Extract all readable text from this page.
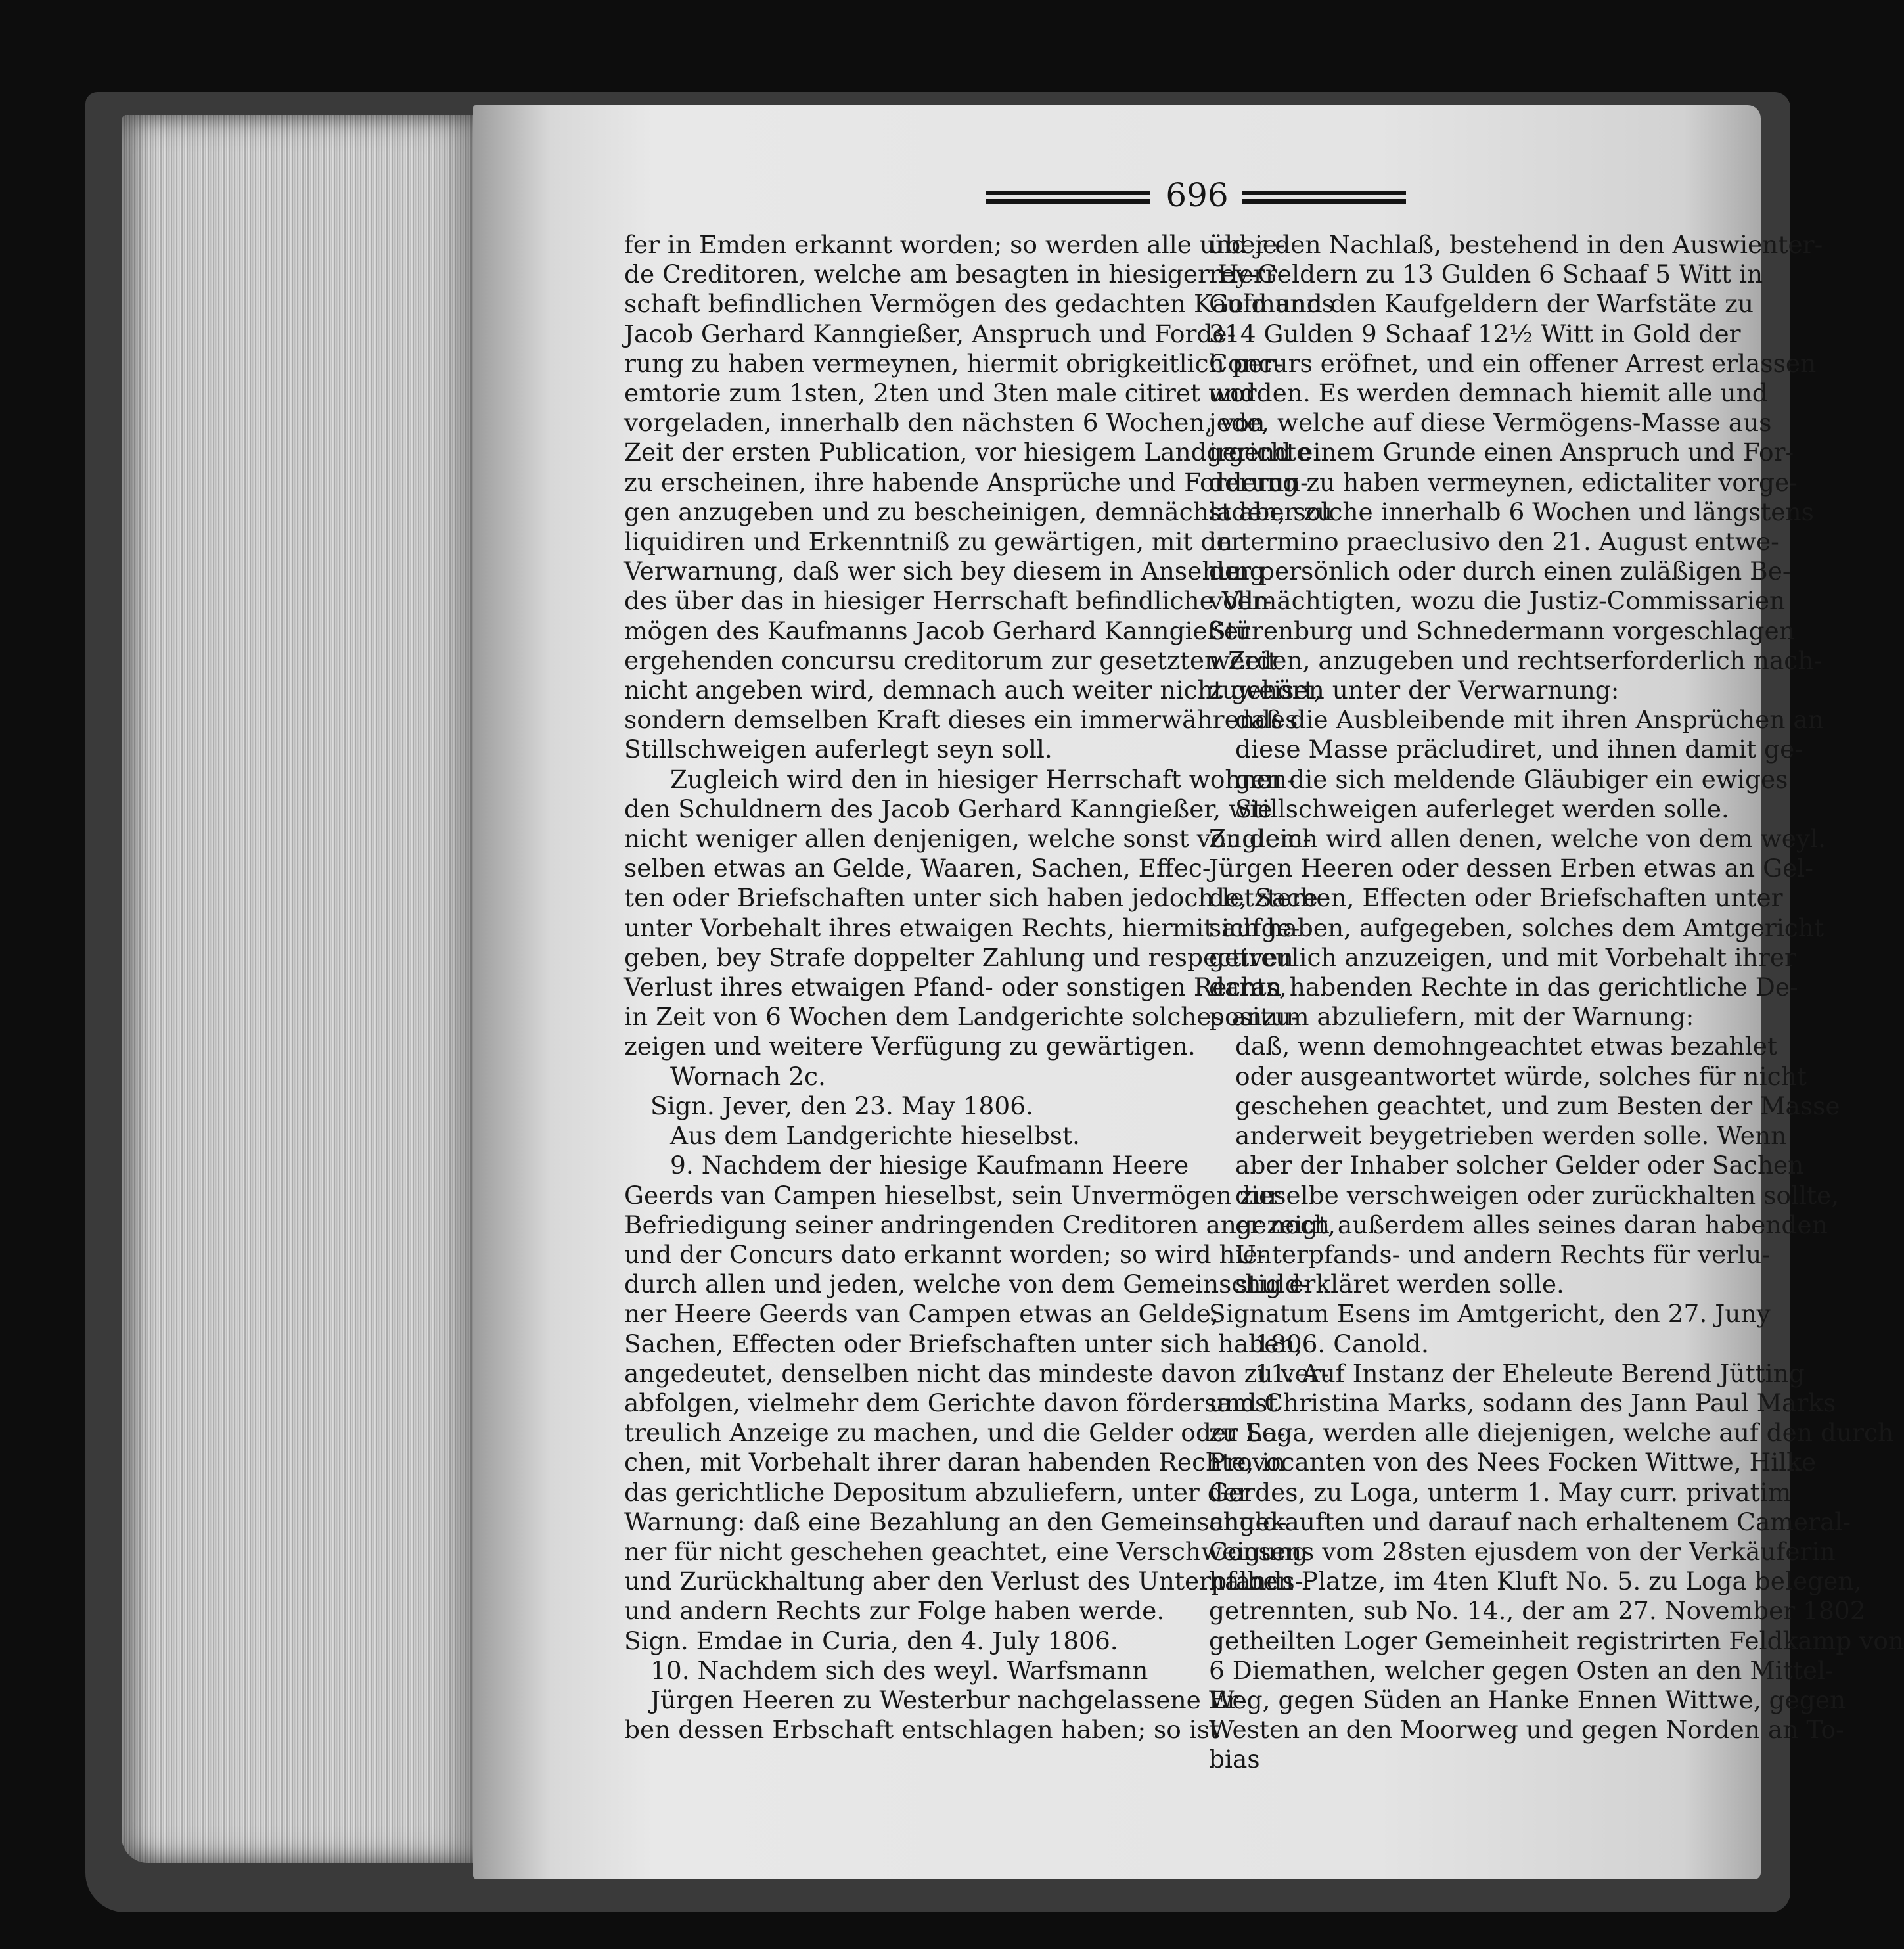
696
fer in Emden erkannt worden; so werden alle und je-
de Creditoren, welche am besagten in hiesiger Herr-
schaft befindlichen Vermögen des gedachten Kaufmanns
Jacob Gerhard Kanngießer, Anspruch und Forde-
rung zu haben vermeynen, hiermit obrigkeitlich per-
emtorie zum 1sten, 2ten und 3ten male citiret und
vorgeladen, innerhalb den nächsten 6 Wochen, von
Zeit der ersten Publication, vor hiesigem Landgerichte
zu erscheinen, ihre habende Ansprüche und Forderun-
gen anzugeben und zu bescheinigen, demnächst aber zu
liquidiren und Erkenntniß zu gewärtigen, mit der
Verwarnung, daß wer sich bey diesem in Ansehung
des über das in hiesiger Herrschaft befindliche Ver-
mögen des Kaufmanns Jacob Gerhard Kanngießer
ergehenden concursu creditorum zur gesetzten Zeit
nicht angeben wird, demnach auch weiter nicht gehört,
sondern demselben Kraft dieses ein immerwährendes
Stillschweigen auferlegt seyn soll.
Zugleich wird den in hiesiger Herrschaft wohnen-
den Schuldnern des Jacob Gerhard Kanngießer, wie
nicht weniger allen denjenigen, welche sonst von dem-
selben etwas an Gelde, Waaren, Sachen, Effec-
ten oder Briefschaften unter sich haben jedoch letztere
unter Vorbehalt ihres etwaigen Rechts, hiermit aufge-
geben, bey Strafe doppelter Zahlung und respectiven
Verlust ihres etwaigen Pfand- oder sonstigen Rechts,
in Zeit von 6 Wochen dem Landgerichte solches anzu-
zeigen und weitere Verfügung zu gewärtigen.
Wornach 2c.
Sign. Jever, den 23. May 1806.
Aus dem Landgerichte hieselbst.
9. Nachdem der hiesige Kaufmann Heere
Geerds van Campen hieselbst, sein Unvermögen zur
Befriedigung seiner andringenden Creditoren angezeigt,
und der Concurs dato erkannt worden; so wird hie-
durch allen und jeden, welche von dem Gemeinschuld-
ner Heere Geerds van Campen etwas an Gelde,
Sachen, Effecten oder Briefschaften unter sich haben,
angedeutet, denselben nicht das mindeste davon zu ver-
abfolgen, vielmehr dem Gerichte davon fördersamst
treulich Anzeige zu machen, und die Gelder oder Sa-
chen, mit Vorbehalt ihrer daran habenden Rechte, in
das gerichtliche Depositum abzuliefern, unter der
Warnung: daß eine Bezahlung an den Gemeinschuld-
ner für nicht geschehen geachtet, eine Verschweigung
und Zurückhaltung aber den Verlust des Unterpfands-
und andern Rechts zur Folge haben werde.
Sign. Emdae in Curia, den 4. July 1806.
10. Nachdem sich des weyl. Warfsmann
Jürgen Heeren zu Westerbur nachgelassene Er-
ben dessen Erbschaft entschlagen haben; so ist
über den Nachlaß, bestehend in den Auswienter-
rey-Geldern zu 13 Gulden 6 Schaaf 5 Witt in
Gold und den Kaufgeldern der Warfstäte zu
314 Gulden 9 Schaaf 12½ Witt in Gold der
Concurs eröfnet, und ein offener Arrest erlassen
worden. Es werden demnach hiemit alle und
jede, welche auf diese Vermögens-Masse aus
irgend einem Grunde einen Anspruch und For-
derung zu haben vermeynen, edictaliter vorge-
laden, solche innerhalb 6 Wochen und längstens
in termino praeclusivo den 21. August entwe-
der persönlich oder durch einen zuläßigen Be-
vollmächtigten, wozu die Justiz-Commissarien
Stürenburg und Schnedermann vorgeschlagen
werden, anzugeben und rechtserforderlich nach-
zuweisen unter der Verwarnung:
daß die Ausbleibende mit ihren Ansprüchen an
diese Masse präcludiret, und ihnen damit ge-
gen die sich meldende Gläubiger ein ewiges
Stillschweigen auferleget werden solle.
Zugleich wird allen denen, welche von dem weyl.
Jürgen Heeren oder dessen Erben etwas an Gel-
de, Sachen, Effecten oder Briefschaften unter
sich haben, aufgegeben, solches dem Amtgericht
getreulich anzuzeigen, und mit Vorbehalt ihrer
daran habenden Rechte in das gerichtliche De-
positum abzuliefern, mit der Warnung:
daß, wenn demohngeachtet etwas bezahlet
oder ausgeantwortet würde, solches für nicht
geschehen geachtet, und zum Besten der Masse
anderweit beygetrieben werden solle. Wenn
aber der Inhaber solcher Gelder oder Sachen
dieselbe verschweigen oder zurückhalten sollte,
er noch außerdem alles seines daran habenden
Unterpfands- und andern Rechts für verlu-
stig erkläret werden solle.
Signatum Esens im Amtgericht, den 27. Juny
1806. Canold.
11. Auf Instanz der Eheleute Berend Jütting
und Christina Marks, sodann des Jann Paul Marks
zu Loga, werden alle diejenigen, welche auf den durch
Provocanten von des Nees Focken Wittwe, Hilke
Gerdes, zu Loga, unterm 1. May curr. privatim
angekauften und darauf nach erhaltenem Cameral-
Consens vom 28sten ejusdem von der Verkäuferin
halben Platze, im 4ten Kluft No. 5. zu Loga belegen,
getrennten, sub No. 14., der am 27. November 1802
getheilten Loger Gemeinheit registrirten Feldkamp von
6 Diemathen, welcher gegen Osten an den Mittel-
Weg, gegen Süden an Hanke Ennen Wittwe, gegen
Westen an den Moorweg und gegen Norden an To-
bias
